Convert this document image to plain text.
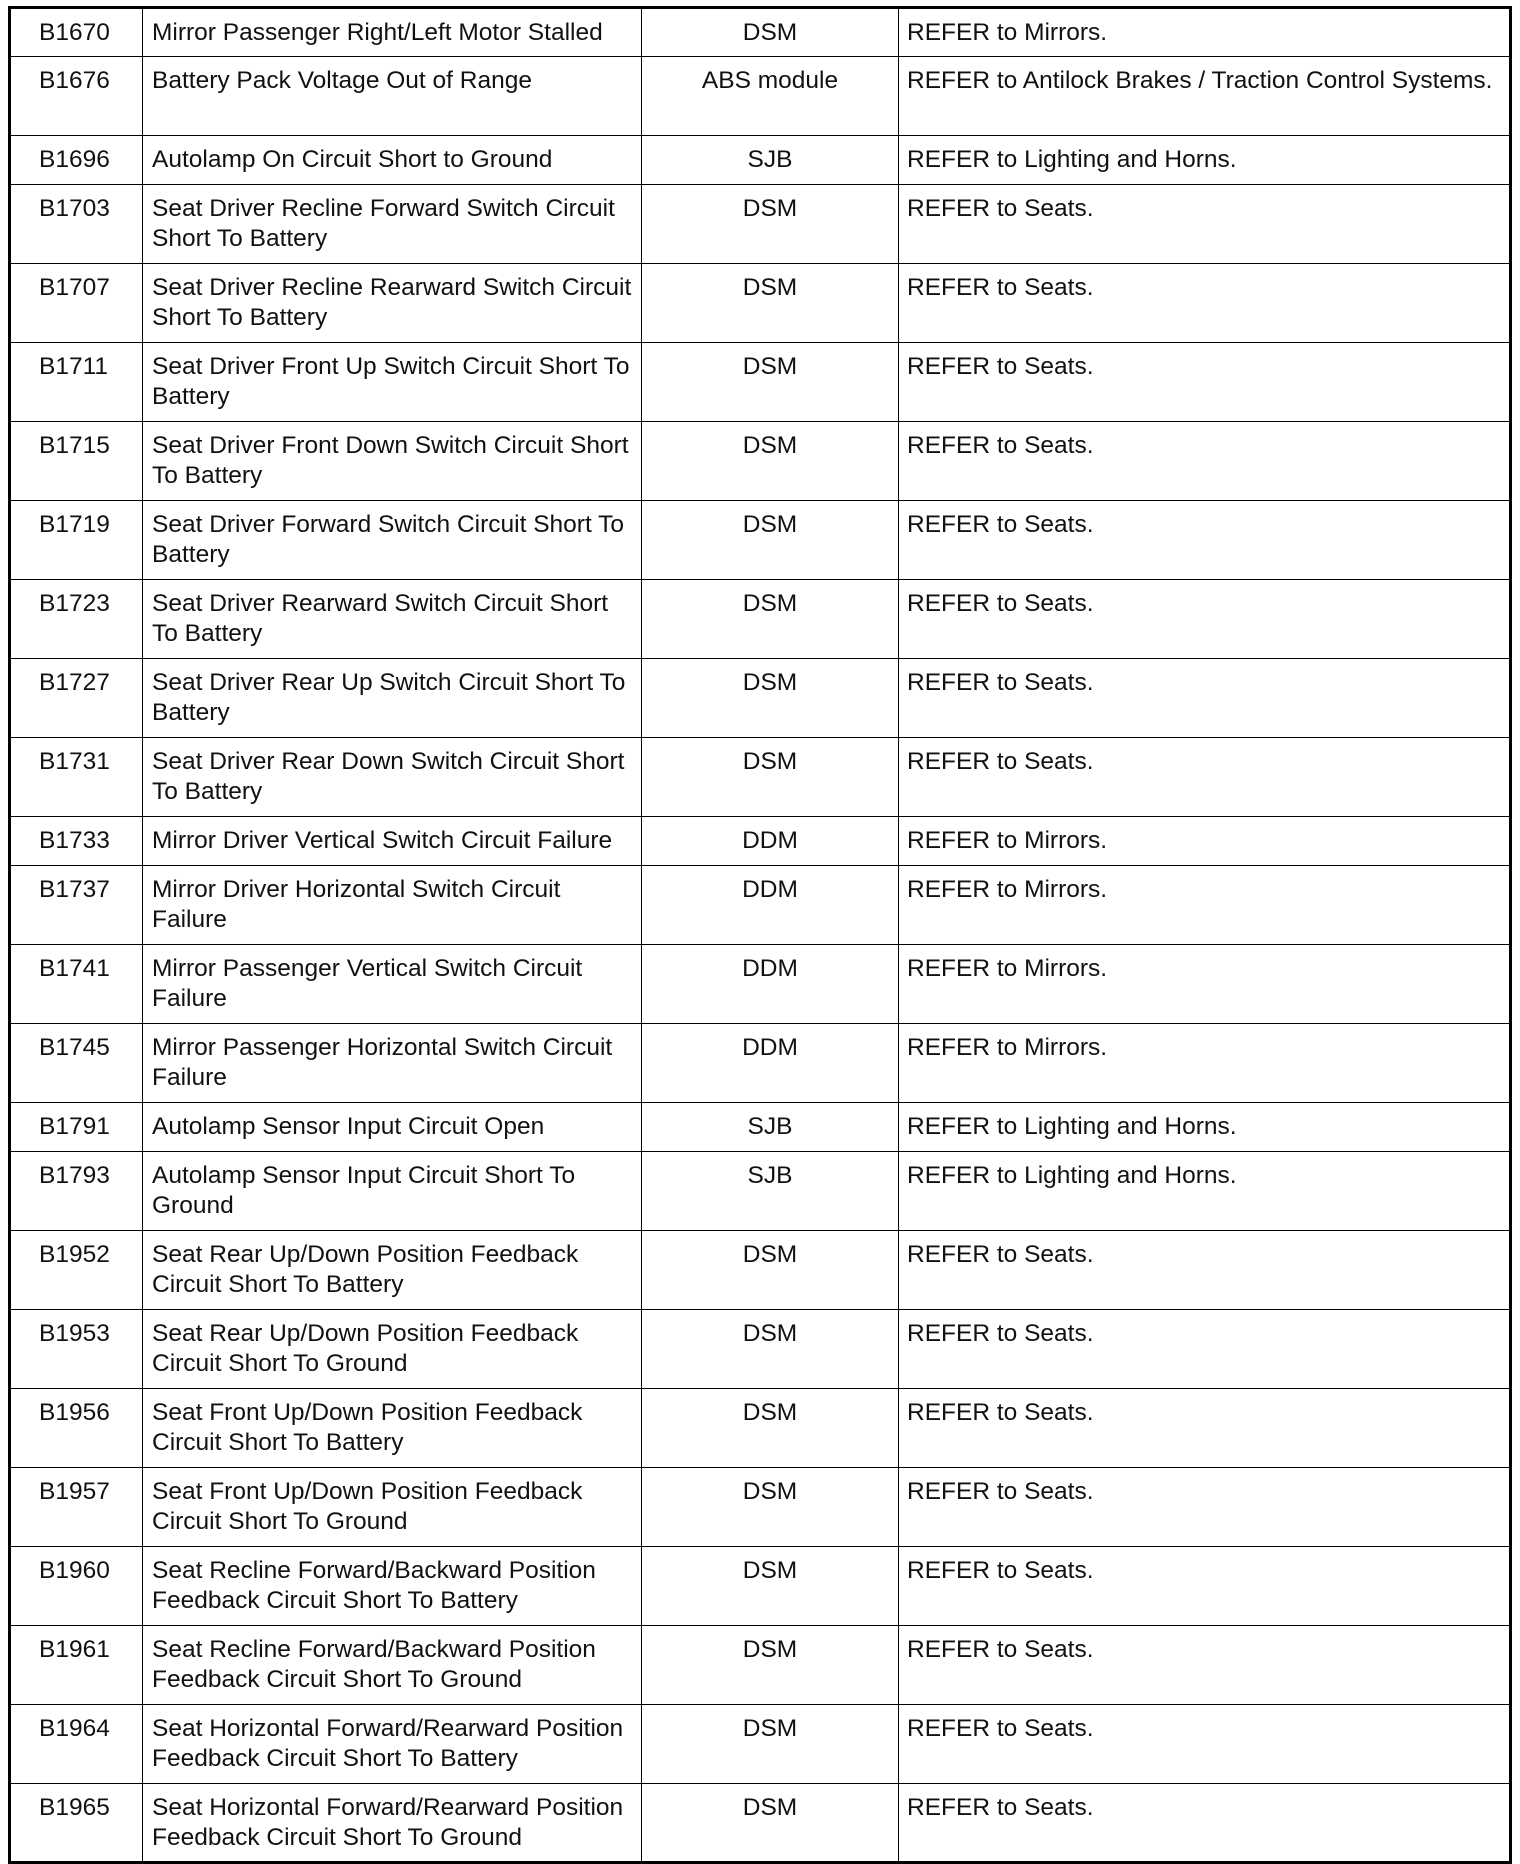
B1670	Mirror Passenger Right/Left Motor Stalled	DSM	REFER to Mirrors.
B1676	Battery Pack Voltage Out of Range	ABS module	REFER to Antilock Brakes / Traction Control Systems.
B1696	Autolamp On Circuit Short to Ground	SJB	REFER to Lighting and Horns.
B1703	Seat Driver Recline Forward Switch Circuit Short To Battery	DSM	REFER to Seats.
B1707	Seat Driver Recline Rearward Switch Circuit Short To Battery	DSM	REFER to Seats.
B1711	Seat Driver Front Up Switch Circuit Short To Battery	DSM	REFER to Seats.
B1715	Seat Driver Front Down Switch Circuit Short To Battery	DSM	REFER to Seats.
B1719	Seat Driver Forward Switch Circuit Short To Battery	DSM	REFER to Seats.
B1723	Seat Driver Rearward Switch Circuit Short To Battery	DSM	REFER to Seats.
B1727	Seat Driver Rear Up Switch Circuit Short To Battery	DSM	REFER to Seats.
B1731	Seat Driver Rear Down Switch Circuit Short To Battery	DSM	REFER to Seats.
B1733	Mirror Driver Vertical Switch Circuit Failure	DDM	REFER to Mirrors.
B1737	Mirror Driver Horizontal Switch Circuit Failure	DDM	REFER to Mirrors.
B1741	Mirror Passenger Vertical Switch Circuit Failure	DDM	REFER to Mirrors.
B1745	Mirror Passenger Horizontal Switch Circuit Failure	DDM	REFER to Mirrors.
B1791	Autolamp Sensor Input Circuit Open	SJB	REFER to Lighting and Horns.
B1793	Autolamp Sensor Input Circuit Short To Ground	SJB	REFER to Lighting and Horns.
B1952	Seat Rear Up/Down Position Feedback Circuit Short To Battery	DSM	REFER to Seats.
B1953	Seat Rear Up/Down Position Feedback Circuit Short To Ground	DSM	REFER to Seats.
B1956	Seat Front Up/Down Position Feedback Circuit Short To Battery	DSM	REFER to Seats.
B1957	Seat Front Up/Down Position Feedback Circuit Short To Ground	DSM	REFER to Seats.
B1960	Seat Recline Forward/Backward Position Feedback Circuit Short To Battery	DSM	REFER to Seats.
B1961	Seat Recline Forward/Backward Position Feedback Circuit Short To Ground	DSM	REFER to Seats.
B1964	Seat Horizontal Forward/Rearward Position Feedback Circuit Short To Battery	DSM	REFER to Seats.
B1965	Seat Horizontal Forward/Rearward Position Feedback Circuit Short To Ground	DSM	REFER to Seats.
